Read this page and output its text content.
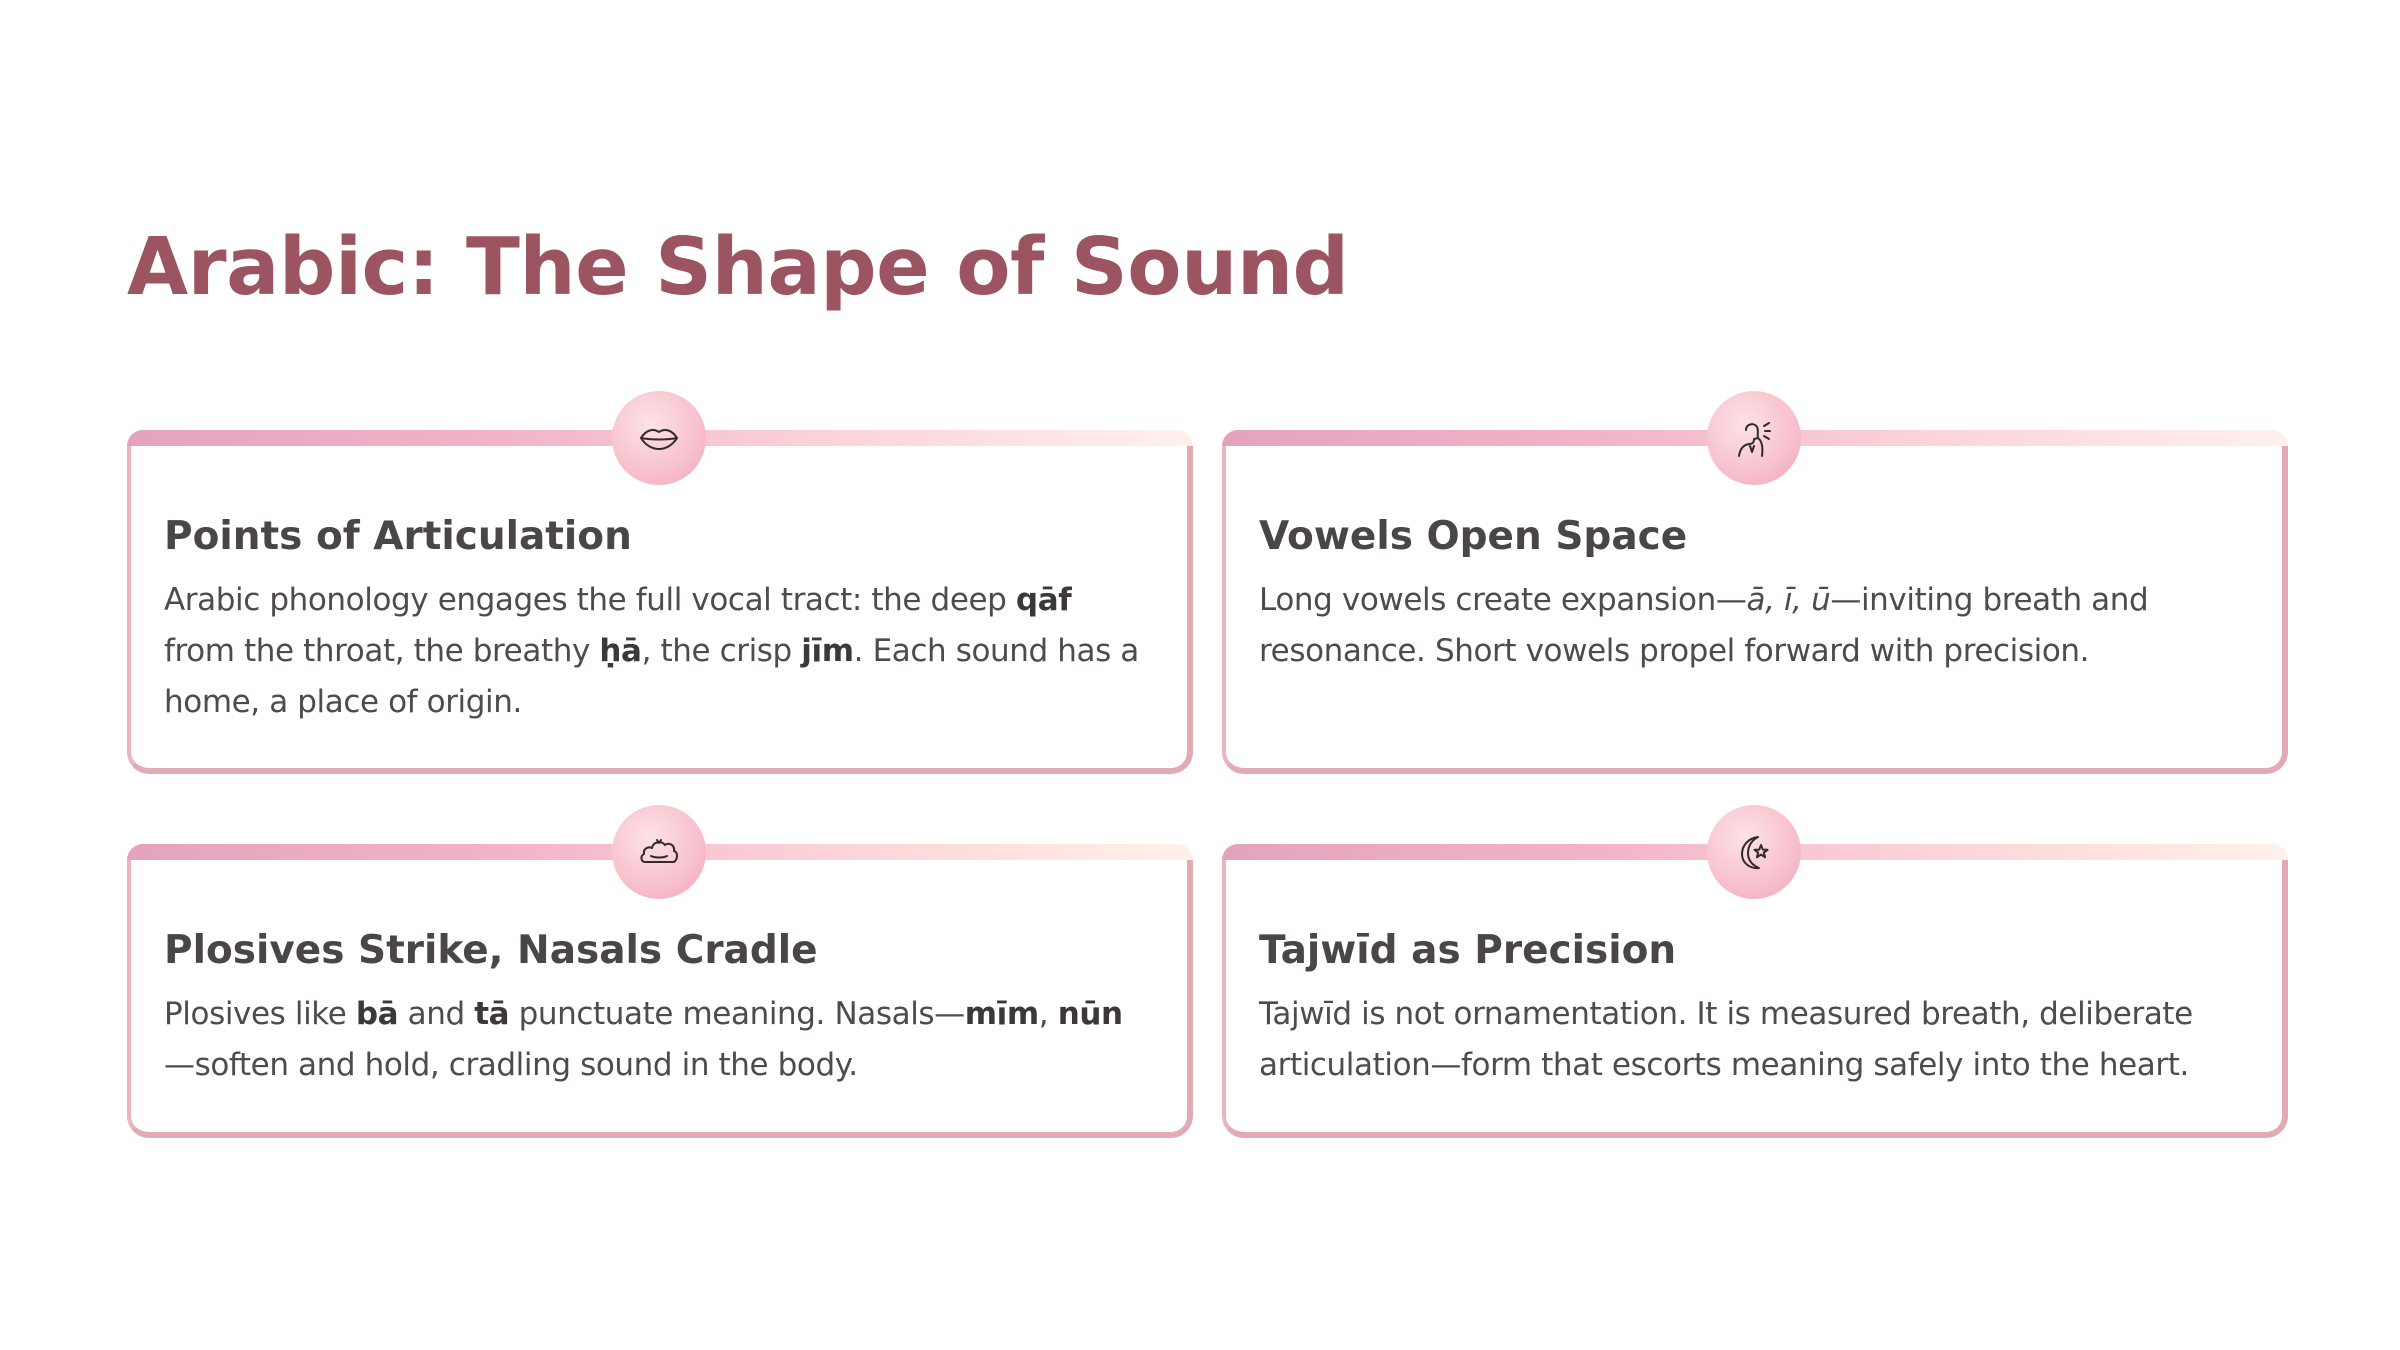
Arabic: The Shape of Sound
Points of Articulation

Arabic phonology engages the full vocal tract: the deep qāf from the throat, the breathy ḥā, the crisp jīm. Each sound has a home, a place of origin.

Vowels Open Space

Long vowels create expansion—ā, ī, ū—inviting breath and resonance. Short vowels propel forward with precision.

Plosives Strike, Nasals Cradle

Plosives like bā and tā punctuate meaning. Nasals—mīm, nūn—soften and hold, cradling sound in the body.

Tajwīd as Precision

Tajwīd is not ornamentation. It is measured breath, deliberate articulation—form that escorts meaning safely into the heart.
